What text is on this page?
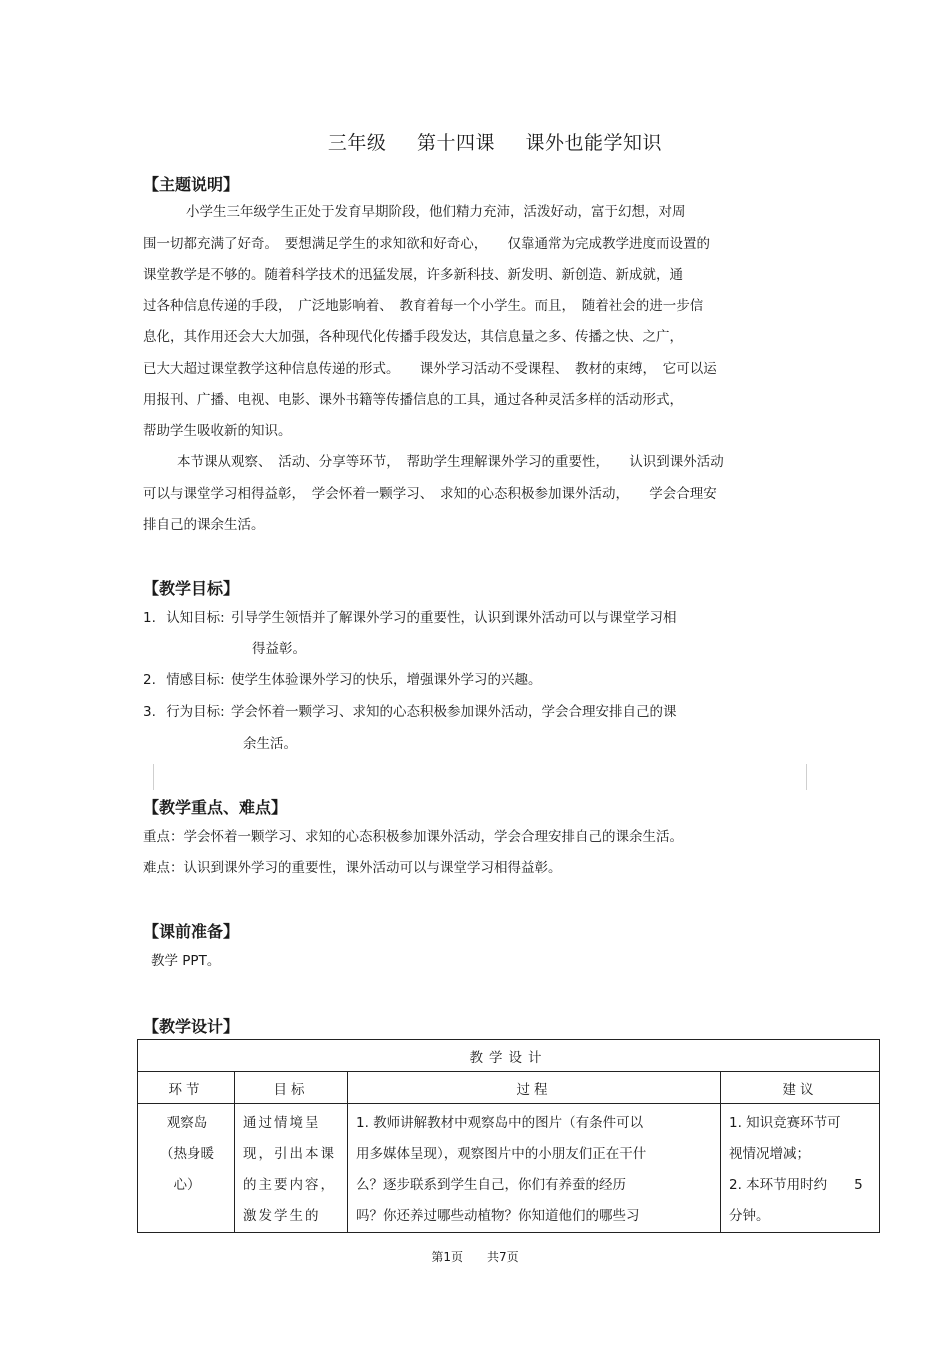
三年级 第十四课 课外也能学知识
【主题说明】
小学生三年级学生正处于发育早期阶段，他们精力充沛，活泼好动，富于幻想，对周
围一切都充满了好奇。　要想满足学生的求知欲和好奇心，　　仅靠通常为完成教学进度而设置的
课堂教学是不够的。随着科学技术的迅猛发展，许多新科技、新发明、新创造、新成就，通
过各种信息传递的手段，　广泛地影响着、　教育着每一个小学生。而且，　随着社会的进一步信
息化，其作用还会大大加强，各种现代化传播手段发达，其信息量之多、传播之快、之广，
已大大超过课堂教学这种信息传递的形式。　　课外学习活动不受课程、　教材的束缚，　它可以运
用报刊、广播、电视、电影、课外书籍等传播信息的工具，通过各种灵活多样的活动形式，
帮助学生吸收新的知识。
本节课从观察、　活动、分享等环节，　帮助学生理解课外学习的重要性，　　认识到课外活动
可以与课堂学习相得益彰，　学会怀着一颗学习、　求知的心态积极参加课外活动，　　学会合理安
排自己的课余生活。
【教学目标】
1. 认知目标: 引导学生领悟并了解课外学习的重要性，认识到课外活动可以与课堂学习相
得益彰。
2. 情感目标: 使学生体验课外学习的快乐，增强课外学习的兴趣。
3. 行为目标: 学会怀着一颗学习、求知的心态积极参加课外活动，学会合理安排自己的课
余生活。
【教学重点、难点】
重点：学会怀着一颗学习、求知的心态积极参加课外活动，学会合理安排自己的课余生活。
难点：认识到课外学习的重要性，课外活动可以与课堂学习相得益彰。
【课前准备】
教学 PPT。
【教学设计】
教学设计			
环节	目标	过程	建议

观察岛
（热身暖
心）	通过情境呈
现，引出本课
的主要内容，
激发学生的	1. 教师讲解教材中观察岛中的图片（有条件可以
用多媒体呈现），观察图片中的小朋友们正在干什
么？逐步联系到学生自己，你们有养蚕的经历
吗？你还养过哪些动植物？你知道他们的哪些习	1. 知识竞赛环节可
视情况增减；
2. 本环节用时约　　5
分钟。
第1页　　共7页
